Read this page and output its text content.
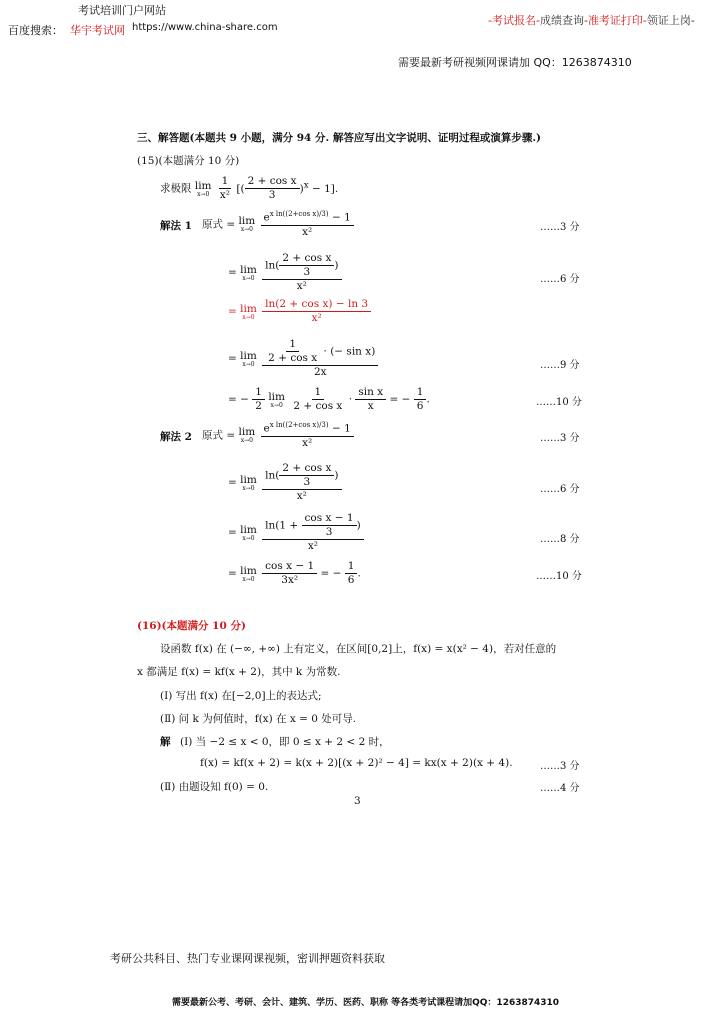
考试培训门户网站
百度搜索： 华宇考试网 https://www.china-share.com
-考试报名-成绩查询-准考证打印-领证上岗-
需要最新考研视频网课请加 QQ：1263874310
三、解答题(本题共 9 小题，满分 94 分. 解答应写出文字说明、证明过程或演算步骤.)
(15)(本题满分 10 分)
求极限 lim
x→0
$\frac{1}{\text{x²}}$ [( $\frac{\text{2 + cos x}}{3} )^x - 1$].
解法 1 原式 = lim
x→0
$\frac{e^{x ln((2+cos x)/3)} - 1}{\text{x²}}$	……3 分
= lim
x→0
$\frac{\ln( \frac{\text{2 + cos x}}{3} )}{\text{x²}}$	……6 分
= lim
x→0
$\frac{\text{ln(2 + cos x) − ln 3}}{\text{x²}}$
= lim
x→0
$\frac{\frac{1}{\text{2 + cos x}} \cdot (- \sin x)}{2x}$	……9 分
= − $\frac{1}{2}$
lim
x→0
$\frac{1}{\text{2 + cos x}} \cdot \frac{\text{sin x}}{x}$ = − $\frac{1}{6}$ .	……10 分
解法 2 原式 = lim
x→0
$\frac{e^{x ln((2+cos x)/3)} - 1}{\text{x²}}$	……3 分
= lim
x→0
$\frac{\ln( \frac{\text{2 + cos x}}{3} )}{\text{x²}}$	……6 分
= lim
x→0
$\frac{\ln(1 + \frac{\text{cos x − 1}}{3} )}{\text{x²}}$	……8 分
= lim
x→0
$\frac{\text{cos x − 1}}{\text{3x²}}$ = − $\frac{1}{6}$ .	……10 分
(16)(本题满分 10 分)
设函数 f(x) 在 (−∞, +∞) 上有定义，在区间[0,2]上，f(x) = x(x² − 4)，若对任意的
x 都满足 f(x) = kf(x + 2)，其中 k 为常数.
(Ⅰ) 写出 f(x) 在[−2,0]上的表达式;
(Ⅱ) 问 k 为何值时，f(x) 在 x = 0 处可导.
解 (Ⅰ) 当 −2 ≤ x < 0，即 0 ≤ x + 2 < 2 时，
f(x) = kf(x + 2) = k(x + 2)[(x + 2)² − 4] = kx(x + 2)(x + 4).	……3 分
(Ⅱ) 由题设知 f(0) = 0.	……4 分
3
考研公共科目、热门专业课网课视频，密训押题资料获取
需要最新公考、考研、会计、建筑、学历、医药、职称 等各类考试课程请加QQ：1263874310
